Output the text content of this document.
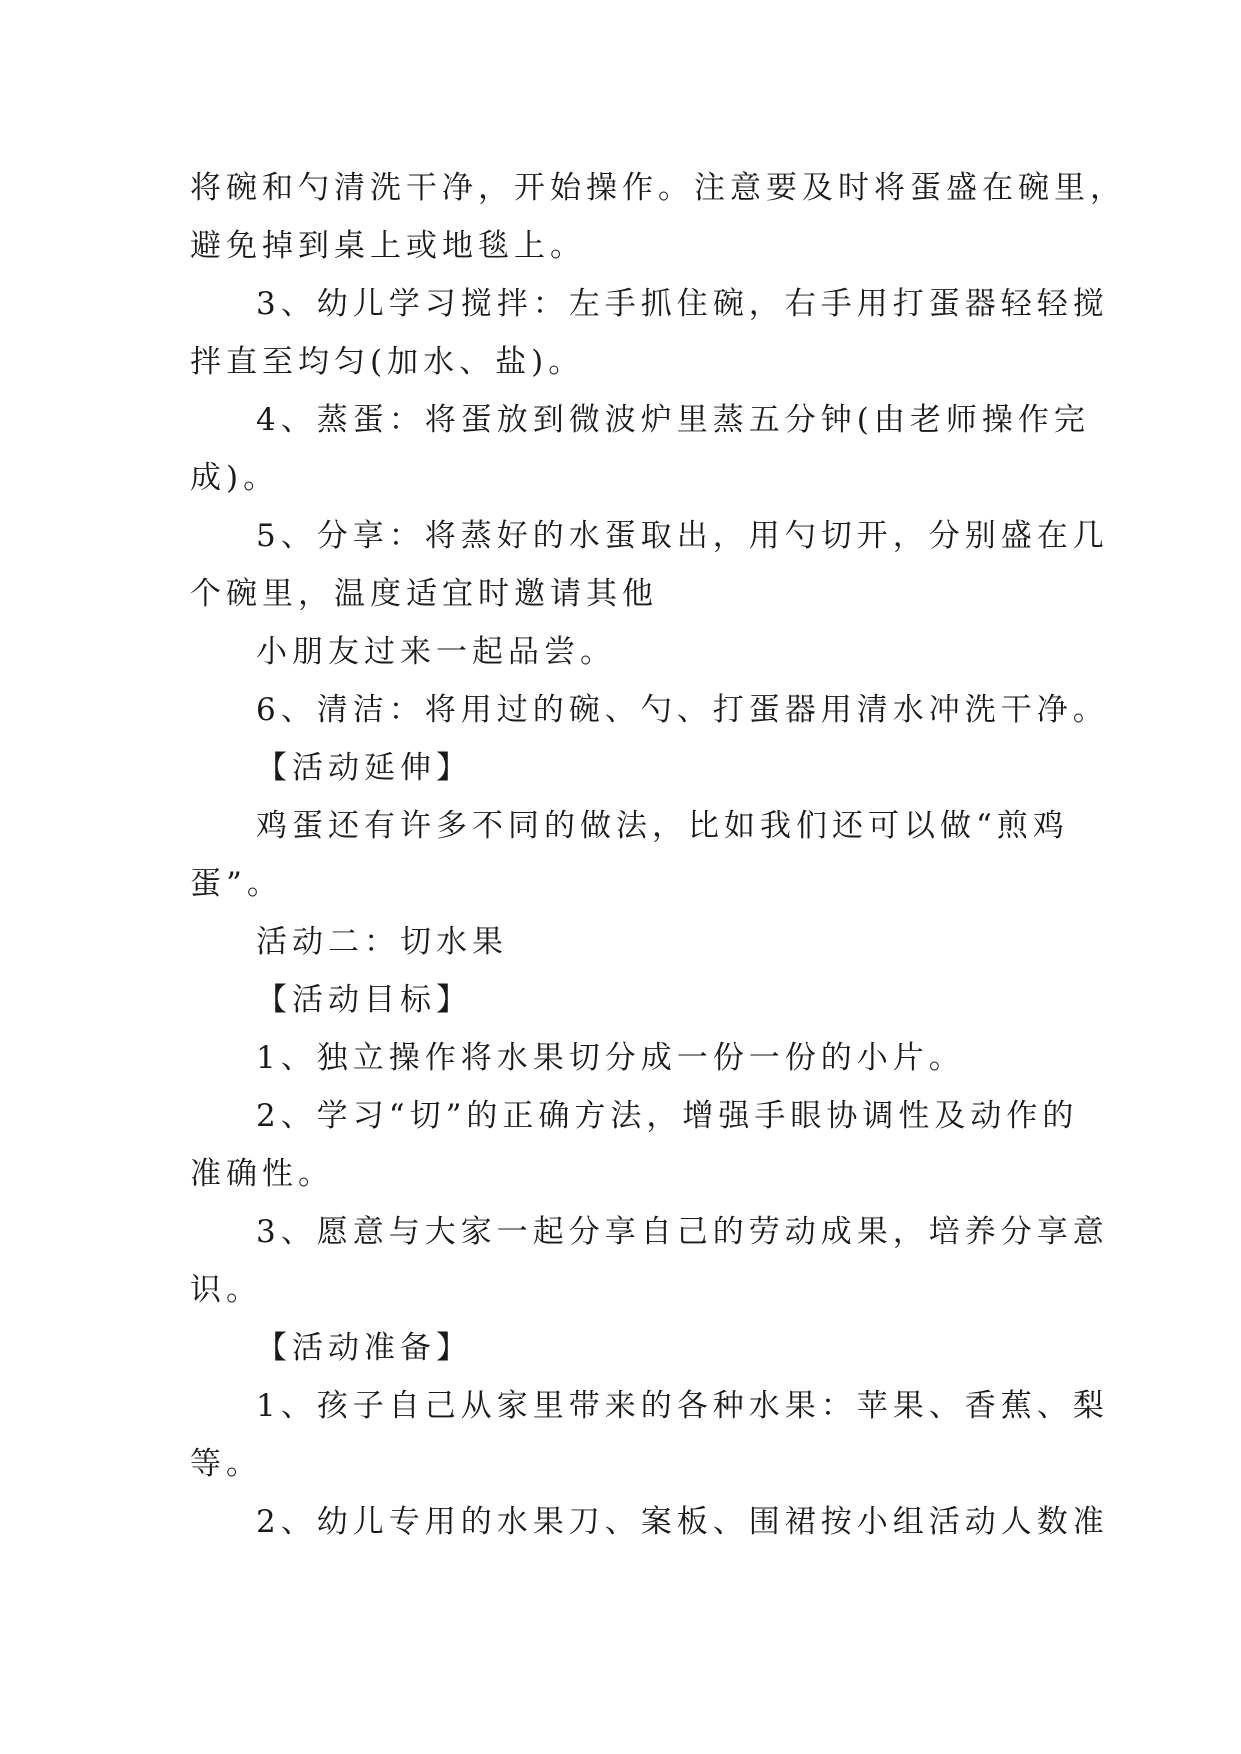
将碗和勺清洗干净，开始操作。注意要及时将蛋盛在碗里，
避免掉到桌上或地毯上。
3、幼儿学习搅拌：左手抓住碗，右手用打蛋器轻轻搅
拌直至均匀(加水、盐)。
4、蒸蛋：将蛋放到微波炉里蒸五分钟(由老师操作完
成)。
5、分享：将蒸好的水蛋取出，用勺切开，分别盛在几
个碗里，温度适宜时邀请其他
小朋友过来一起品尝。
6、清洁：将用过的碗、勺、打蛋器用清水冲洗干净。
【活动延伸】
鸡蛋还有许多不同的做法，比如我们还可以做“煎鸡
蛋”。
活动二：切水果
【活动目标】
1、独立操作将水果切分成一份一份的小片。
2、学习“切”的正确方法，增强手眼协调性及动作的
准确性。
3、愿意与大家一起分享自己的劳动成果，培养分享意
识。
【活动准备】
1、孩子自己从家里带来的各种水果：苹果、香蕉、梨
等。
2、幼儿专用的水果刀、案板、围裙按小组活动人数准
